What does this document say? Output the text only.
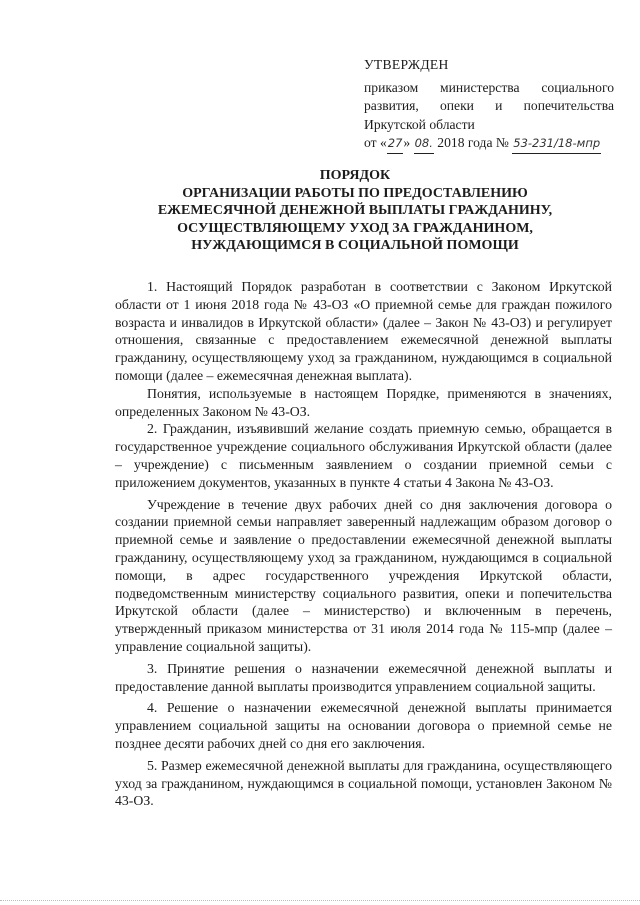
УТВЕРЖДЕН
приказом министерства социального развития, опеки и попечительства Иркутской области
от «27» 08. 2018 года № 53-231/18-мпр
ПОРЯДОК
ОРГАНИЗАЦИИ РАБОТЫ ПО ПРЕДОСТАВЛЕНИЮ
ЕЖЕМЕСЯЧНОЙ ДЕНЕЖНОЙ ВЫПЛАТЫ ГРАЖДАНИНУ,
ОСУЩЕСТВЛЯЮЩЕМУ УХОД ЗА ГРАЖДАНИНОМ,
НУЖДАЮЩИМСЯ В СОЦИАЛЬНОЙ ПОМОЩИ

1. Настоящий Порядок разработан в соответствии с Законом Иркутской области от 1 июня 2018 года № 43-ОЗ «О приемной семье для граждан пожилого возраста и инвалидов в Иркутской области» (далее – Закон № 43-ОЗ) и регулирует отношения, связанные с предоставлением ежемесячной денежной выплаты гражданину, осуществляющему уход за гражданином, нуждающимся в социальной помощи (далее – ежемесячная денежная выплата).

Понятия, используемые в настоящем Порядке, применяются в значениях, определенных Законом № 43-ОЗ.

2. Гражданин, изъявивший желание создать приемную семью, обращается в государственное учреждение социального обслуживания Иркутской области (далее – учреждение) с письменным заявлением о создании приемной семьи с приложением документов, указанных в пункте 4 статьи 4 Закона № 43-ОЗ.

Учреждение в течение двух рабочих дней со дня заключения договора о создании приемной семьи направляет заверенный надлежащим образом договор о приемной семье и заявление о предоставлении ежемесячной денежной выплаты гражданину, осуществляющему уход за гражданином, нуждающимся в социальной помощи, в адрес государственного учреждения Иркутской области, подведомственным министерству социального развития, опеки и попечительства Иркутской области (далее – министерство) и включенным в перечень, утвержденный приказом министерства от 31 июля 2014 года № 115-мпр (далее – управление социальной защиты).

3. Принятие решения о назначении ежемесячной денежной выплаты и предоставление данной выплаты производится управлением социальной защиты.

4. Решение о назначении ежемесячной денежной выплаты принимается управлением социальной защиты на основании договора о приемной семье не позднее десяти рабочих дней со дня его заключения.

5. Размер ежемесячной денежной выплаты для гражданина, осуществляющего уход за гражданином, нуждающимся в социальной помощи, установлен Законом № 43-ОЗ.
